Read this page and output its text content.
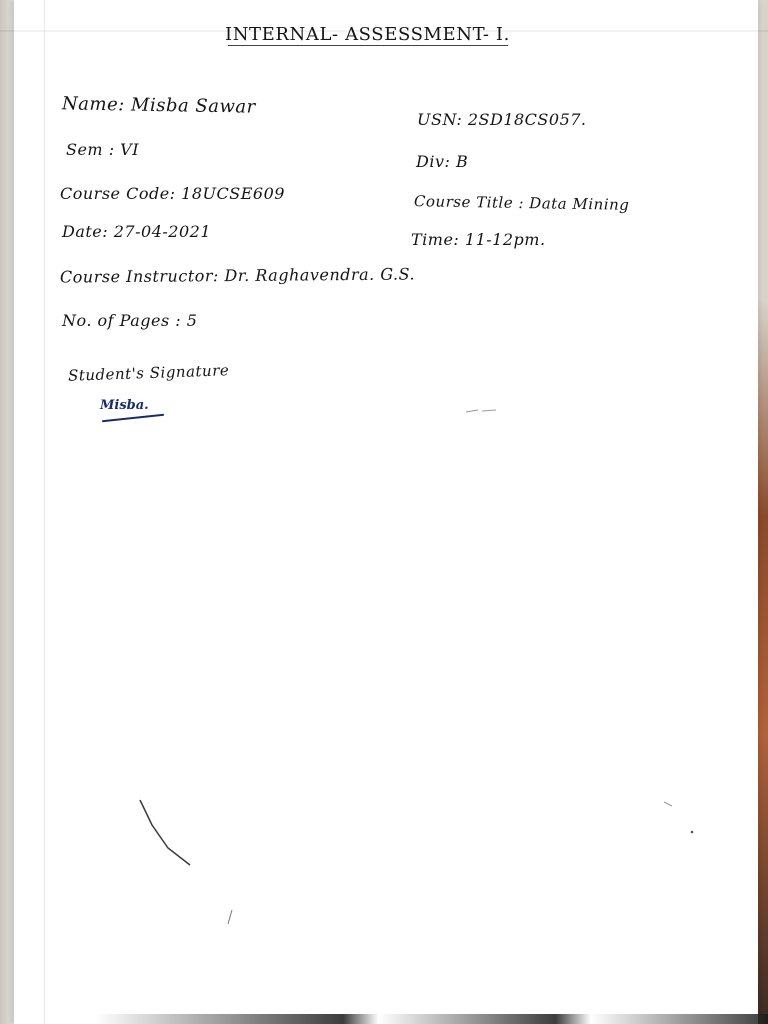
INTERNAL- ASSESSMENT- I.
Name: Misba Sawar
Sem : VI
Course Code: 18UCSE609
Date: 27-04-2021
Course Instructor: Dr. Raghavendra. G.S.
No. of Pages : 5
USN: 2SD18CS057.
Div: B
Course Title : Data Mining
Time: 11-12pm.
Student's Signature
Misba.
